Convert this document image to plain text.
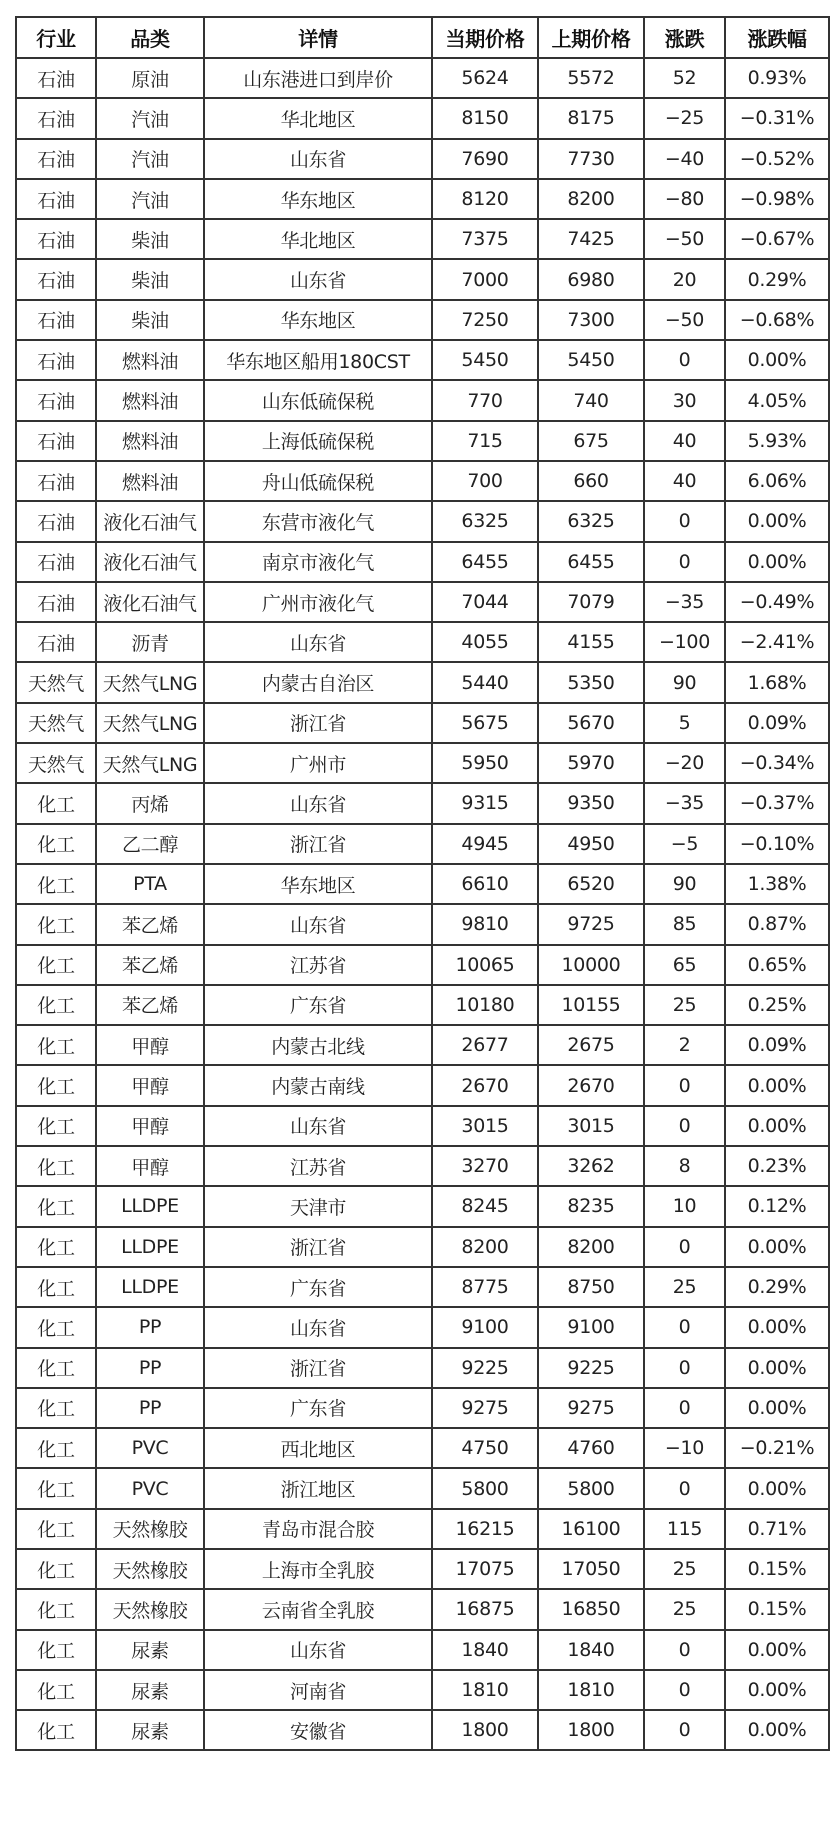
行业	品类	详情	当期价格	上期价格	涨跌	涨跌幅
石油	原油	山东港进口到岸价	5624	5572	52	0.93%
石油	汽油	华北地区	8150	8175	−25	−0.31%
石油	汽油	山东省	7690	7730	−40	−0.52%
石油	汽油	华东地区	8120	8200	−80	−0.98%
石油	柴油	华北地区	7375	7425	−50	−0.67%
石油	柴油	山东省	7000	6980	20	0.29%
石油	柴油	华东地区	7250	7300	−50	−0.68%
石油	燃料油	华东地区船用180CST	5450	5450	0	0.00%
石油	燃料油	山东低硫保税	770	740	30	4.05%
石油	燃料油	上海低硫保税	715	675	40	5.93%
石油	燃料油	舟山低硫保税	700	660	40	6.06%
石油	液化石油气	东营市液化气	6325	6325	0	0.00%
石油	液化石油气	南京市液化气	6455	6455	0	0.00%
石油	液化石油气	广州市液化气	7044	7079	−35	−0.49%
石油	沥青	山东省	4055	4155	−100	−2.41%
天然气	天然气LNG	内蒙古自治区	5440	5350	90	1.68%
天然气	天然气LNG	浙江省	5675	5670	5	0.09%
天然气	天然气LNG	广州市	5950	5970	−20	−0.34%
化工	丙烯	山东省	9315	9350	−35	−0.37%
化工	乙二醇	浙江省	4945	4950	−5	−0.10%
化工	PTA	华东地区	6610	6520	90	1.38%
化工	苯乙烯	山东省	9810	9725	85	0.87%
化工	苯乙烯	江苏省	10065	10000	65	0.65%
化工	苯乙烯	广东省	10180	10155	25	0.25%
化工	甲醇	内蒙古北线	2677	2675	2	0.09%
化工	甲醇	内蒙古南线	2670	2670	0	0.00%
化工	甲醇	山东省	3015	3015	0	0.00%
化工	甲醇	江苏省	3270	3262	8	0.23%
化工	LLDPE	天津市	8245	8235	10	0.12%
化工	LLDPE	浙江省	8200	8200	0	0.00%
化工	LLDPE	广东省	8775	8750	25	0.29%
化工	PP	山东省	9100	9100	0	0.00%
化工	PP	浙江省	9225	9225	0	0.00%
化工	PP	广东省	9275	9275	0	0.00%
化工	PVC	西北地区	4750	4760	−10	−0.21%
化工	PVC	浙江地区	5800	5800	0	0.00%
化工	天然橡胶	青岛市混合胶	16215	16100	115	0.71%
化工	天然橡胶	上海市全乳胶	17075	17050	25	0.15%
化工	天然橡胶	云南省全乳胶	16875	16850	25	0.15%
化工	尿素	山东省	1840	1840	0	0.00%
化工	尿素	河南省	1810	1810	0	0.00%
化工	尿素	安徽省	1800	1800	0	0.00%
